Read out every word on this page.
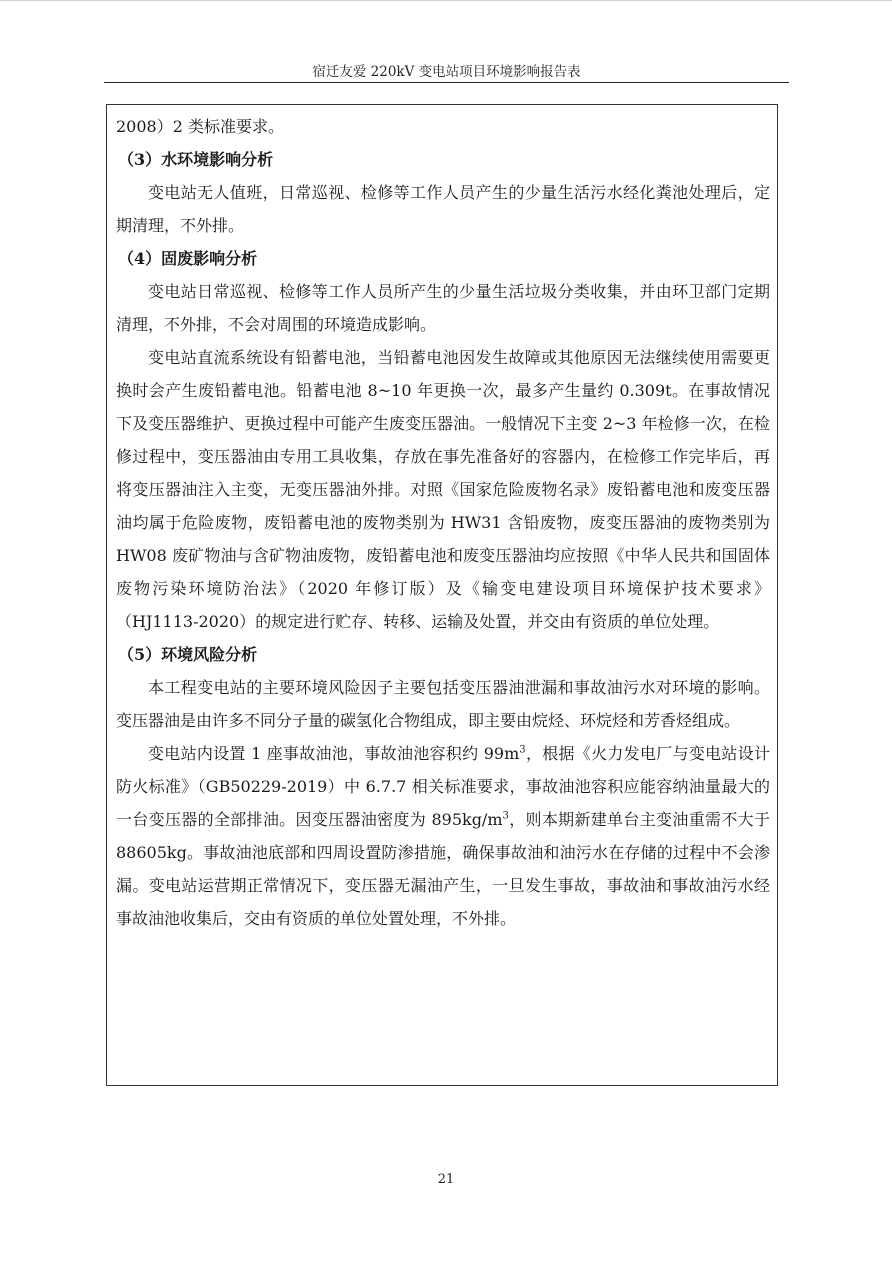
宿迁友爱 220kV 变电站项目环境影响报告表

2008）2 类标准要求。

（3）水环境影响分析

变电站无人值班，日常巡视、检修等工作人员产生的少量生活污水经化粪池处理后，定期清理，不外排。

（4）固废影响分析

变电站日常巡视、检修等工作人员所产生的少量生活垃圾分类收集，并由环卫部门定期清理，不外排，不会对周围的环境造成影响。

变电站直流系统设有铅蓄电池，当铅蓄电池因发生故障或其他原因无法继续使用需要更换时会产生废铅蓄电池。铅蓄电池 8~10 年更换一次，最多产生量约 0.309t。在事故情况下及变压器维护、更换过程中可能产生废变压器油。一般情况下主变 2~3 年检修一次，在检修过程中，变压器油由专用工具收集，存放在事先准备好的容器内，在检修工作完毕后，再将变压器油注入主变，无变压器油外排。对照《国家危险废物名录》废铅蓄电池和废变压器油均属于危险废物，废铅蓄电池的废物类别为 HW31 含铅废物，废变压器油的废物类别为 HW08 废矿物油与含矿物油废物，废铅蓄电池和废变压器油均应按照《中华人民共和国固体废物污染环境防治法》（2020 年修订版）及《输变电建设项目环境保护技术要求》（HJ1113-2020）的规定进行贮存、转移、运输及处置，并交由有资质的单位处理。

（5）环境风险分析

本工程变电站的主要环境风险因子主要包括变压器油泄漏和事故油污水对环境的影响。变压器油是由许多不同分子量的碳氢化合物组成，即主要由烷烃、环烷烃和芳香烃组成。

变电站内设置 1 座事故油池，事故油池容积约 $99m^3$，根据《火力发电厂与变电站设计防火标准》（GB50229-2019）中 6.7.7 相关标准要求，事故油池容积应能容纳油量最大的一台变压器的全部排油。因变压器油密度为 $895kg/m^3$，则本期新建单台主变油重需不大于 88605kg。事故油池底部和四周设置防渗措施，确保事故油和油污水在存储的过程中不会渗漏。变电站运营期正常情况下，变压器无漏油产生，一旦发生事故，事故油和事故油污水经事故油池收集后，交由有资质的单位处置处理，不外排。

21
